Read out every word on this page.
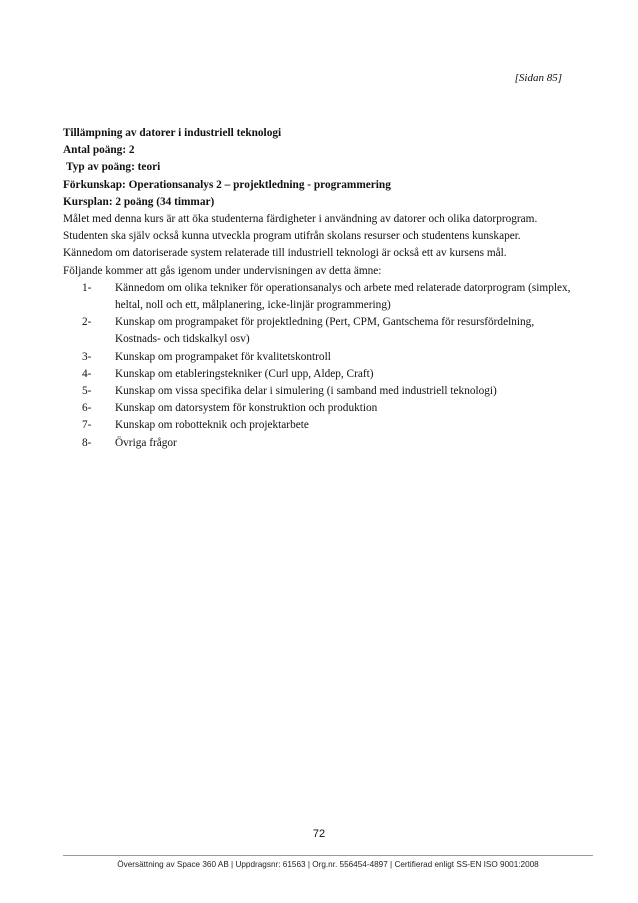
[Sidan 85]
Tillämpning av datorer i industriell teknologi
Antal poäng: 2
Typ av poäng: teori
Förkunskap: Operationsanalys 2 – projektledning - programmering
Kursplan: 2 poäng (34 timmar)

Målet med denna kurs är att öka studenterna färdigheter i användning av datorer och olika datorprogram. Studenten ska själv också kunna utveckla program utifrån skolans resurser och studentens kunskaper. Kännedom om datoriserade system relaterade till industriell teknologi är också ett av kursens mål.

Följande kommer att gås igenom under undervisningen av detta ämne:
1- Kännedom om olika tekniker för operationsanalys och arbete med relaterade datorprogram (simplex, heltal, noll och ett, målplanering, icke-linjär programmering)
2- Kunskap om programpaket för projektledning (Pert, CPM, Gantschema för resursfördelning, Kostnads- och tidskalkyl osv)
3- Kunskap om programpaket för kvalitetskontroll
4- Kunskap om etableringstekniker (Curl upp, Aldep, Craft)
5- Kunskap om vissa specifika delar i simulering (i samband med industriell teknologi)
6- Kunskap om datorsystem för konstruktion och produktion
7- Kunskap om robotteknik och projektarbete
8- Övriga frågor
72
Översättning av Space 360 AB | Uppdragsnr: 61563 | Org.nr. 556454-4897 | Certifierad enligt SS-EN ISO 9001:2008
